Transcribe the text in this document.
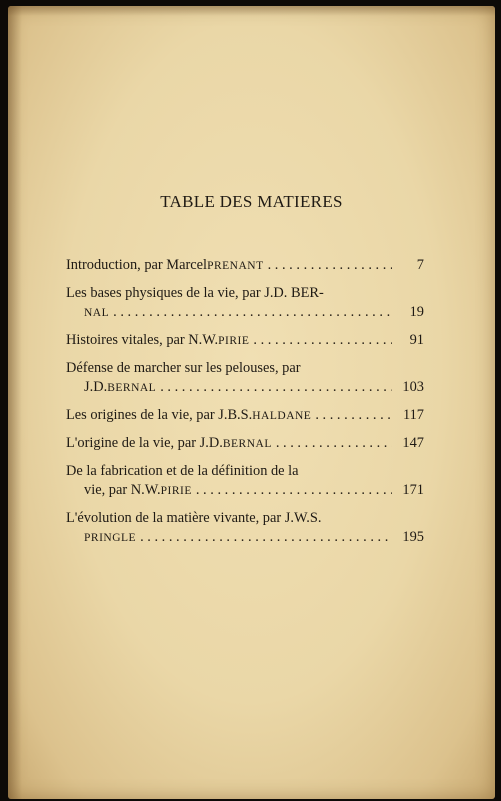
TABLE DES MATIERES
Introduction, par Marcel PRENANT . . .	7
Les bases physiques de la vie, par J.D. BER-
NAL . . .	19
Histoires vitales, par N.W. PIRIE . . .	91
Défense de marcher sur les pelouses, par
J.D. BERNAL . . .	103
Les origines de la vie, par J.B.S. HALDANE . . .	117
L'origine de la vie, par J.D. BERNAL . . .	147
De la fabrication et de la définition de la
vie, par N.W. PIRIE . . .	171
L'évolution de la matière vivante, par J.W.S.
PRINGLE . . .	195
